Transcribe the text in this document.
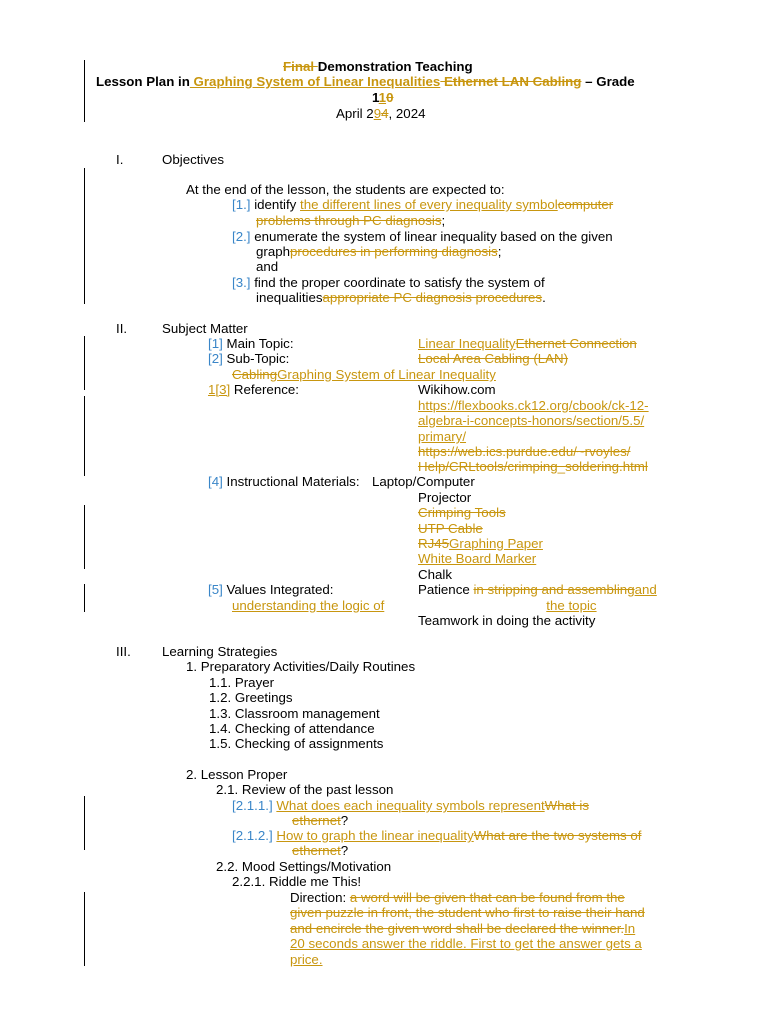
Final Demonstration Teaching
Lesson Plan in Graphing System of Linear Inequalities Ethernet LAN Cabling – Grade
110
April 294, 2024
I.	Objectives
At the end of the lesson, the students are expected to:
[1.] identify the different lines of every inequality symbolcomputer
problems through PC diagnosis;
[2.] enumerate the system of linear inequality based on the given
graphprocedures in performing diagnosis;
and
[3.] find the proper coordinate to satisfy the system of
inequalitiesappropriate PC diagnosis procedures.
II.	Subject Matter
[1] Main Topic:	Linear InequalityEthernet Connection
[2] Sub-Topic:	Local Area Cabling (LAN)
CablingGraphing System of Linear Inequality
1[3] Reference:	Wikihow.com
https://flexbooks.ck12.org/cbook/ck-12-
algebra-i-concepts-honors/section/5.5/
primary/
https://web.ics.purdue.edu/~rvoyles/
Help/CRLtools/crimping_soldering.html
[4] Instructional Materials: Laptop/Computer
Projector
Crimping Tools
UTP Cable
RJ45Graphing Paper
White Board Marker
Chalk
[5] Values Integrated:	Patience in stripping and assemblingand
understanding the logic of	the topic
Teamwork in doing the activity
III. Learning Strategies
1. Preparatory Activities/Daily Routines
1.1. Prayer
1.2. Greetings
1.3. Classroom management
1.4. Checking of attendance
1.5. Checking of assignments
2. Lesson Proper
2.1. Review of the past lesson
[2.1.1.] What does each inequality symbols representWhat is
ethernet?
[2.1.2.] How to graph the linear inequalityWhat are the two systems of
ethernet?
2.2. Mood Settings/Motivation
2.2.1. Riddle me This!
Direction: a word will be given that can be found from the
given puzzle in front, the student who first to raise their hand
and encircle the given word shall be declared the winner.In
20 seconds answer the riddle. First to get the answer gets a
price.
